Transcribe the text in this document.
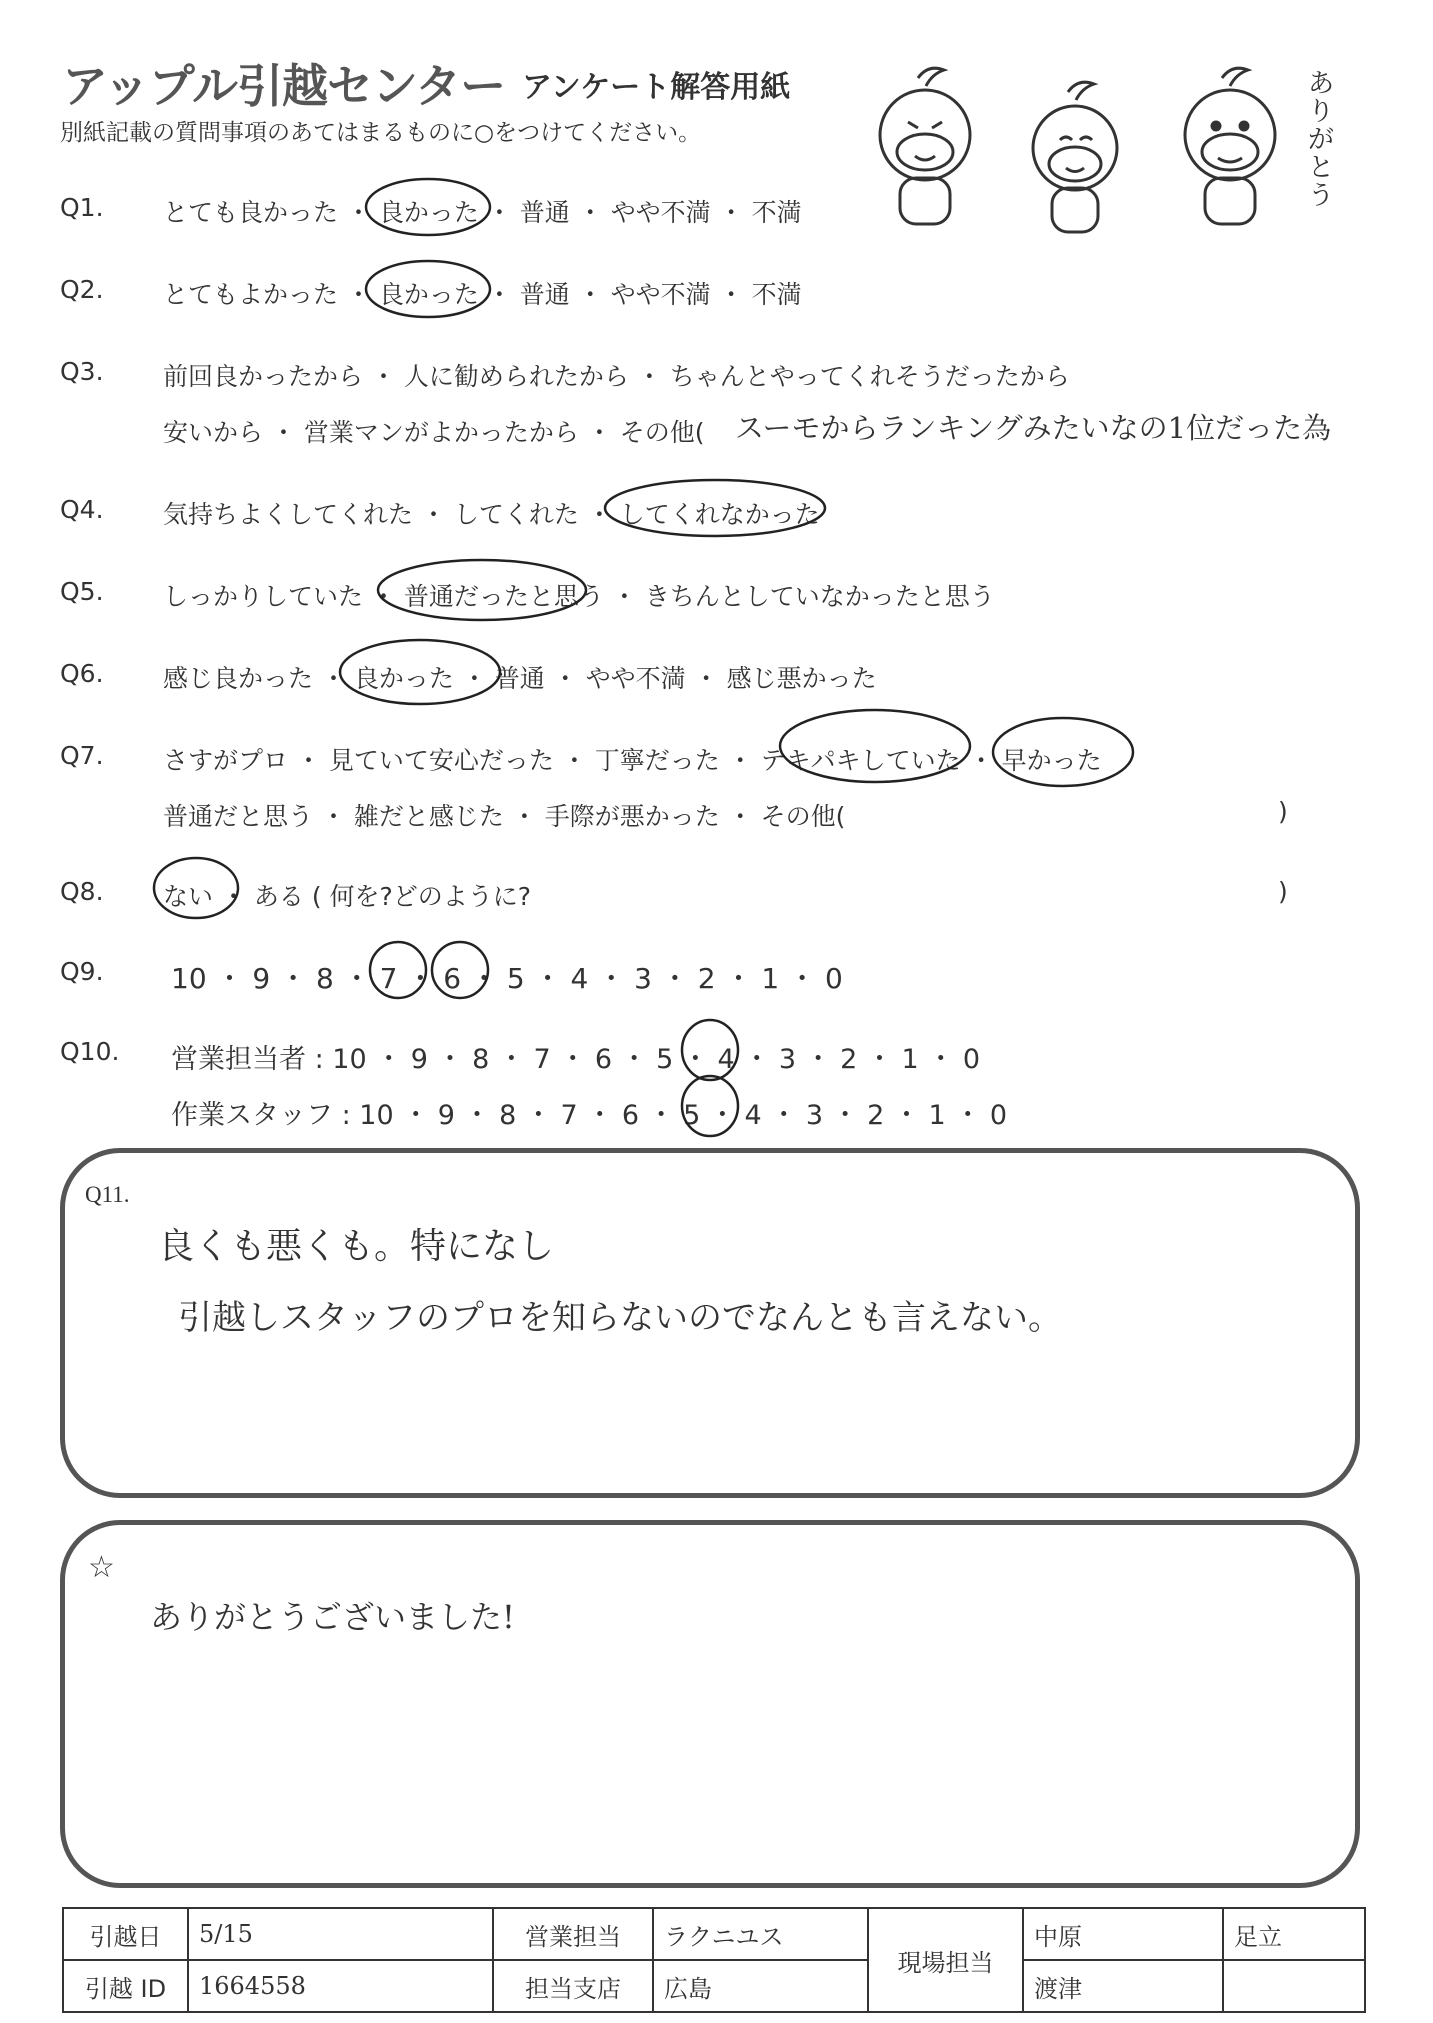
アップル引越センター アンケート解答用紙
別紙記載の質問事項のあてはまるものに○をつけてください。
ありがとう
Q1. とても良かった ・ 良かった ・ 普通 ・ やや不満 ・ 不満
Q2. とてもよかった ・ 良かった ・ 普通 ・ やや不満 ・ 不満
Q3. 前回良かったから ・ 人に勧められたから ・ ちゃんとやってくれそうだったから
安いから ・ 営業マンがよかったから ・ その他( スーモからランキングみたいなの1位だった為
Q4. 気持ちよくしてくれた ・ してくれた ・ してくれなかった
Q5. しっかりしていた ・ 普通だったと思う ・ きちんとしていなかったと思う
Q6. 感じ良かった ・ 良かった ・ 普通 ・ やや不満 ・ 感じ悪かった
Q7. さすがプロ ・ 見ていて安心だった ・ 丁寧だった ・ テキパキしていた ・ 早かった
普通だと思う ・ 雑だと感じた ・ 手際が悪かった ・ その他(	)
Q8. ない ・ ある ( 何を?どのように?	)
Q9. 10 ・ 9 ・ 8 ・ 7 ・ 6 ・ 5 ・ 4 ・ 3 ・ 2 ・ 1 ・ 0
Q10. 営業担当者 : 10 ・ 9 ・ 8 ・ 7 ・ 6 ・ 5 ・ 4 ・ 3 ・ 2 ・ 1 ・ 0
作業スタッフ : 10 ・ 9 ・ 8 ・ 7 ・ 6 ・ 5 ・ 4 ・ 3 ・ 2 ・ 1 ・ 0
Q11.
良くも悪くも。特になし
引越しスタッフのプロを知らないのでなんとも言えない。
☆
ありがとうございました!
引越日	5/15	営業担当	ラクニユス	現場担当	中原	足立
引越 ID	1664558	担当支店	広島		渡津	
